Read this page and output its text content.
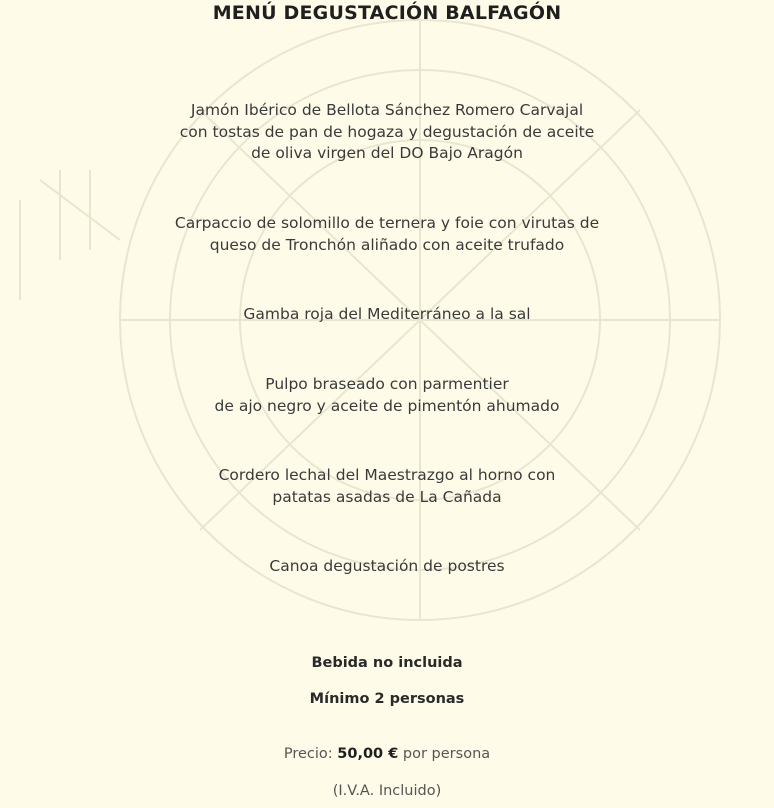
MENÚ DEGUSTACIÓN BALFAGÓN
Jamón Ibérico de Bellota Sánchez Romero Carvajal
con tostas de pan de hogaza y degustación de aceite
de oliva virgen del DO Bajo Aragón
Carpaccio de solomillo de ternera y foie con virutas de
queso de Tronchón aliñado con aceite trufado
Gamba roja del Mediterráneo a la sal
Pulpo braseado con parmentier
de ajo negro y aceite de pimentón ahumado
Cordero lechal del Maestrazgo al horno con
patatas asadas de La Cañada
Canoa degustación de postres
Bebida no incluida
Mínimo 2 personas
Precio: 50,00 € por persona
(I.V.A. Incluido)
